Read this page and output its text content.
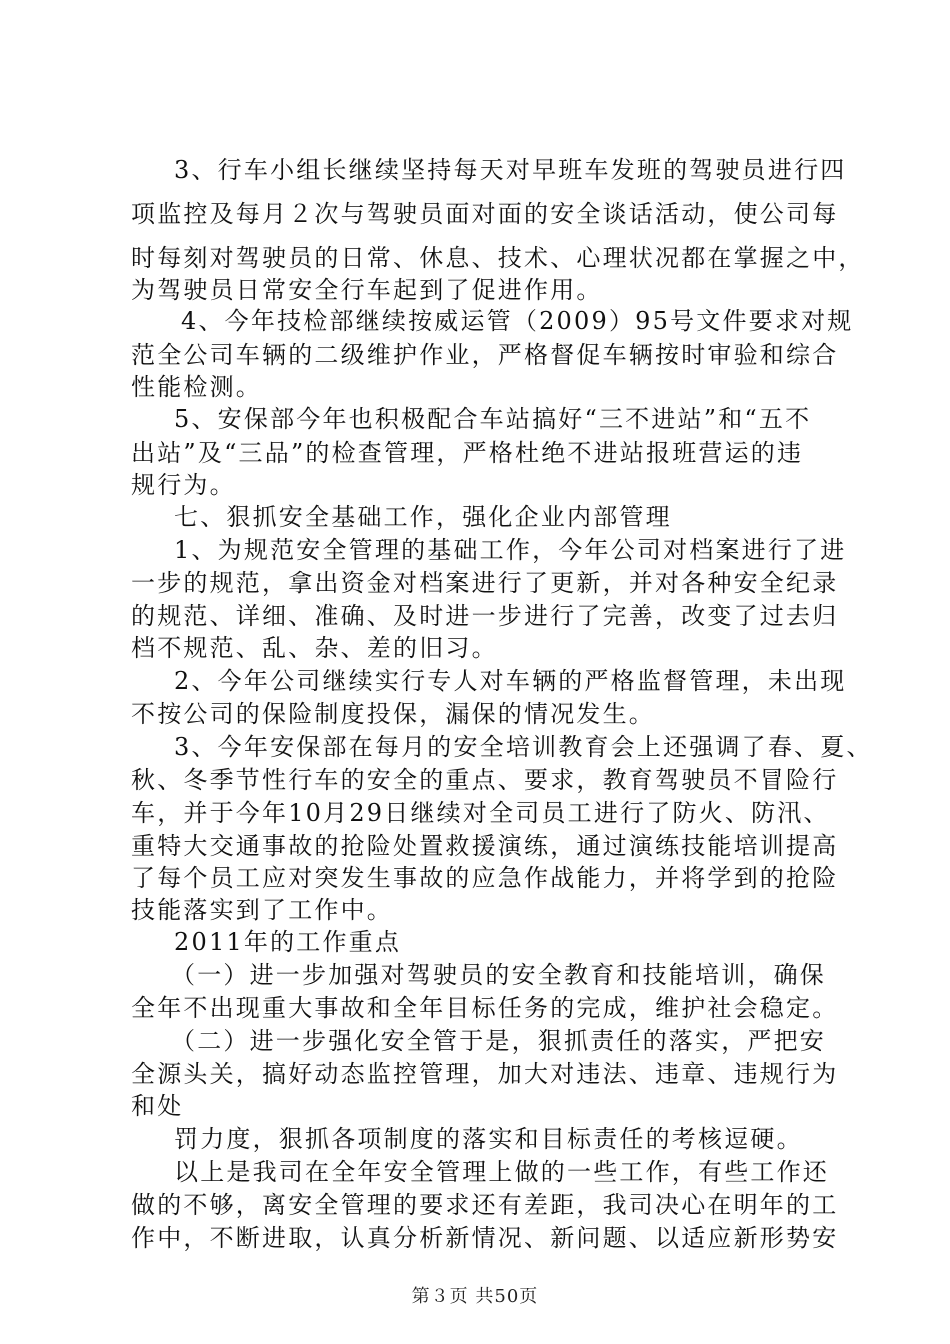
3、行车小组长继续坚持每天对早班车发班的驾驶员进行四
项监控及每月２次与驾驶员面对面的安全谈话活动，使公司每
时每刻对驾驶员的日常、休息、技术、心理状况都在掌握之中，
为驾驶员日常安全行车起到了促进作用。
4、今年技检部继续按威运管（2009）95号文件要求对规
范全公司车辆的二级维护作业，严格督促车辆按时审验和综合
性能检测。
5、安保部今年也积极配合车站搞好“三不进站”和“五不
出站”及“三品”的检查管理，严格杜绝不进站报班营运的违
规行为。
七、狠抓安全基础工作，强化企业内部管理
1、为规范安全管理的基础工作，今年公司对档案进行了进
一步的规范，拿出资金对档案进行了更新，并对各种安全纪录
的规范、详细、准确、及时进一步进行了完善，改变了过去归
档不规范、乱、杂、差的旧习。
2、今年公司继续实行专人对车辆的严格监督管理，未出现
不按公司的保险制度投保，漏保的情况发生。
3、今年安保部在每月的安全培训教育会上还强调了春、夏、
秋、冬季节性行车的安全的重点、要求，教育驾驶员不冒险行
车，并于今年10月29日继续对全司员工进行了防火、防汛、
重特大交通事故的抢险处置救援演练，通过演练技能培训提高
了每个员工应对突发生事故的应急作战能力，并将学到的抢险
技能落实到了工作中。
2011年的工作重点
（一）进一步加强对驾驶员的安全教育和技能培训，确保
全年不出现重大事故和全年目标任务的完成，维护社会稳定。
（二）进一步强化安全管于是，狠抓责任的落实，严把安
全源头关，搞好动态监控管理，加大对违法、违章、违规行为
和处
罚力度，狠抓各项制度的落实和目标责任的考核逗硬。
以上是我司在全年安全管理上做的一些工作，有些工作还
做的不够，离安全管理的要求还有差距，我司决心在明年的工
作中，不断进取，认真分析新情况、新问题、以适应新形势安
第３页 共50页
